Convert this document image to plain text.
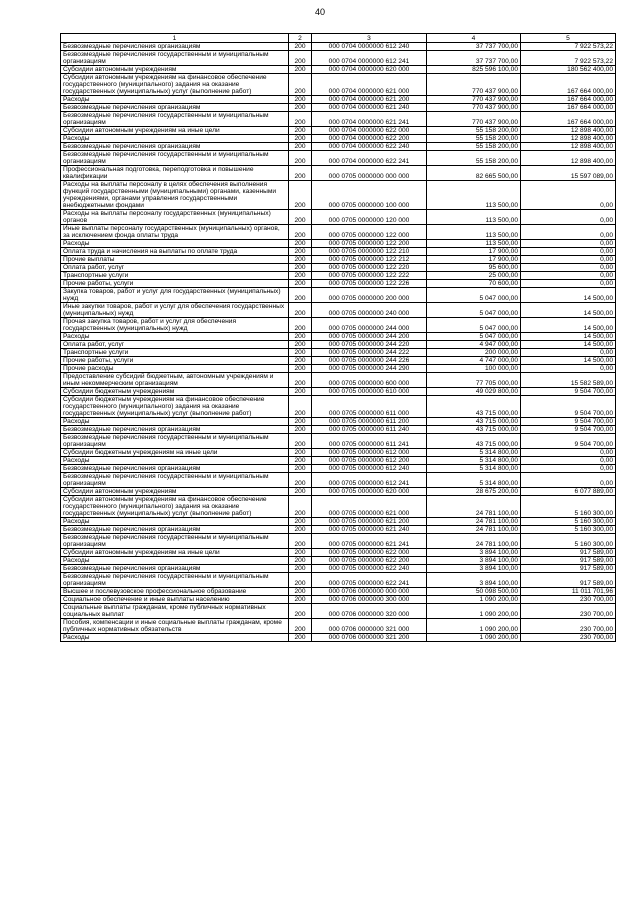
40
1	2	3	4	5
Безвозмездные перечисления организациям	200	000 0704 0000000 612 240	37 737 700,00	7 922 573,22
Безвозмездные перечисления государственным и муниципальным организациям	200	000 0704 0000000 612 241	37 737 700,00	7 922 573,22
Субсидии автономным учреждениям	200	000 0704 0000000 620 000	825 596 100,00	180 562 400,00
Субсидии автономным учреждениям на финансовое обеспечение государственного (муниципального) задания на оказание государственных (муниципальных) услуг (выполнение работ)	200	000 0704 0000000 621 000	770 437 900,00	167 664 000,00
Расходы	200	000 0704 0000000 621 200	770 437 900,00	167 664 000,00
Безвозмездные перечисления организациям	200	000 0704 0000000 621 240	770 437 900,00	167 664 000,00
Безвозмездные перечисления государственным и муниципальным организациям	200	000 0704 0000000 621 241	770 437 900,00	167 664 000,00
Субсидии автономным учреждениям на иные цели	200	000 0704 0000000 622 000	55 158 200,00	12 898 400,00
Расходы	200	000 0704 0000000 622 200	55 158 200,00	12 898 400,00
Безвозмездные перечисления организациям	200	000 0704 0000000 622 240	55 158 200,00	12 898 400,00
Безвозмездные перечисления государственным и муниципальным организациям	200	000 0704 0000000 622 241	55 158 200,00	12 898 400,00
Профессиональная подготовка, переподготовка и повышение квалификации	200	000 0705 0000000 000 000	82 665 500,00	15 597 089,00
Расходы на выплаты персоналу в целях обеспечения выполнения функций государственными (муниципальными) органами, казенными учреждениями, органами управления государственными внебюджетными фондами	200	000 0705 0000000 100 000	113 500,00	0,00
Расходы на выплаты персоналу государственных (муниципальных) органов	200	000 0705 0000000 120 000	113 500,00	0,00
Иные выплаты персоналу государственных (муниципальных) органов, за исключением фонда оплаты труда	200	000 0705 0000000 122 000	113 500,00	0,00
Расходы	200	000 0705 0000000 122 200	113 500,00	0,00
Оплата труда и начисления на выплаты по оплате труда	200	000 0705 0000000 122 210	17 900,00	0,00
Прочие выплаты	200	000 0705 0000000 122 212	17 900,00	0,00
Оплата работ, услуг	200	000 0705 0000000 122 220	95 600,00	0,00
Транспортные услуги	200	000 0705 0000000 122 222	25 000,00	0,00
Прочие работы, услуги	200	000 0705 0000000 122 226	70 600,00	0,00
Закупка товаров, работ и услуг для государственных (муниципальных) нужд	200	000 0705 0000000 200 000	5 047 000,00	14 500,00
Иные закупки товаров, работ и услуг для обеспечения государственных (муниципальных) нужд	200	000 0705 0000000 240 000	5 047 000,00	14 500,00
Прочая закупка товаров, работ и услуг для обеспечения государственных (муниципальных) нужд	200	000 0705 0000000 244 000	5 047 000,00	14 500,00
Расходы	200	000 0705 0000000 244 200	5 047 000,00	14 500,00
Оплата работ, услуг	200	000 0705 0000000 244 220	4 947 000,00	14 500,00
Транспортные услуги	200	000 0705 0000000 244 222	200 000,00	0,00
Прочие работы, услуги	200	000 0705 0000000 244 226	4 747 000,00	14 500,00
Прочие расходы	200	000 0705 0000000 244 290	100 000,00	0,00
Предоставление субсидий бюджетным, автономным учреждениям и иным некоммерческим организациям	200	000 0705 0000000 600 000	77 705 000,00	15 582 589,00
Субсидии бюджетным учреждениям	200	000 0705 0000000 610 000	49 029 800,00	9 504 700,00
Субсидии бюджетным учреждениям на финансовое обеспечение государственного (муниципального) задания на оказание государственных (муниципальных) услуг (выполнение работ)	200	000 0705 0000000 611 000	43 715 000,00	9 504 700,00
Расходы	200	000 0705 0000000 611 200	43 715 000,00	9 504 700,00
Безвозмездные перечисления организациям	200	000 0705 0000000 611 240	43 715 000,00	9 504 700,00
Безвозмездные перечисления государственным и муниципальным организациям	200	000 0705 0000000 611 241	43 715 000,00	9 504 700,00
Субсидии бюджетным учреждениям на иные цели	200	000 0705 0000000 612 000	5 314 800,00	0,00
Расходы	200	000 0705 0000000 612 200	5 314 800,00	0,00
Безвозмездные перечисления организациям	200	000 0705 0000000 612 240	5 314 800,00	0,00
Безвозмездные перечисления государственным и муниципальным организациям	200	000 0705 0000000 612 241	5 314 800,00	0,00
Субсидии автономным учреждениям	200	000 0705 0000000 620 000	28 675 200,00	6 077 889,00
Субсидии автономным учреждениям на финансовое обеспечение государственного (муниципального) задания на оказание государственных (муниципальных) услуг (выполнение работ)	200	000 0705 0000000 621 000	24 781 100,00	5 160 300,00
Расходы	200	000 0705 0000000 621 200	24 781 100,00	5 160 300,00
Безвозмездные перечисления организациям	200	000 0705 0000000 621 240	24 781 100,00	5 160 300,00
Безвозмездные перечисления государственным и муниципальным организациям	200	000 0705 0000000 621 241	24 781 100,00	5 160 300,00
Субсидии автономным учреждениям на иные цели	200	000 0705 0000000 622 000	3 894 100,00	917 589,00
Расходы	200	000 0705 0000000 622 200	3 894 100,00	917 589,00
Безвозмездные перечисления организациям	200	000 0705 0000000 622 240	3 894 100,00	917 589,00
Безвозмездные перечисления государственным и муниципальным организациям	200	000 0705 0000000 622 241	3 894 100,00	917 589,00
Высшее и послевузовское профессиональное образование	200	000 0706 0000000 000 000	50 098 500,00	11 011 701,96
Социальное обеспечение и иные выплаты населению	200	000 0706 0000000 300 000	1 090 200,00	230 700,00
Социальные выплаты гражданам, кроме публичных нормативных социальных выплат	200	000 0706 0000000 320 000	1 090 200,00	230 700,00
Пособия, компенсации и иные социальные выплаты гражданам, кроме публичных нормативных обязательств	200	000 0706 0000000 321 000	1 090 200,00	230 700,00
Расходы	200	000 0706 0000000 321 200	1 090 200,00	230 700,00
